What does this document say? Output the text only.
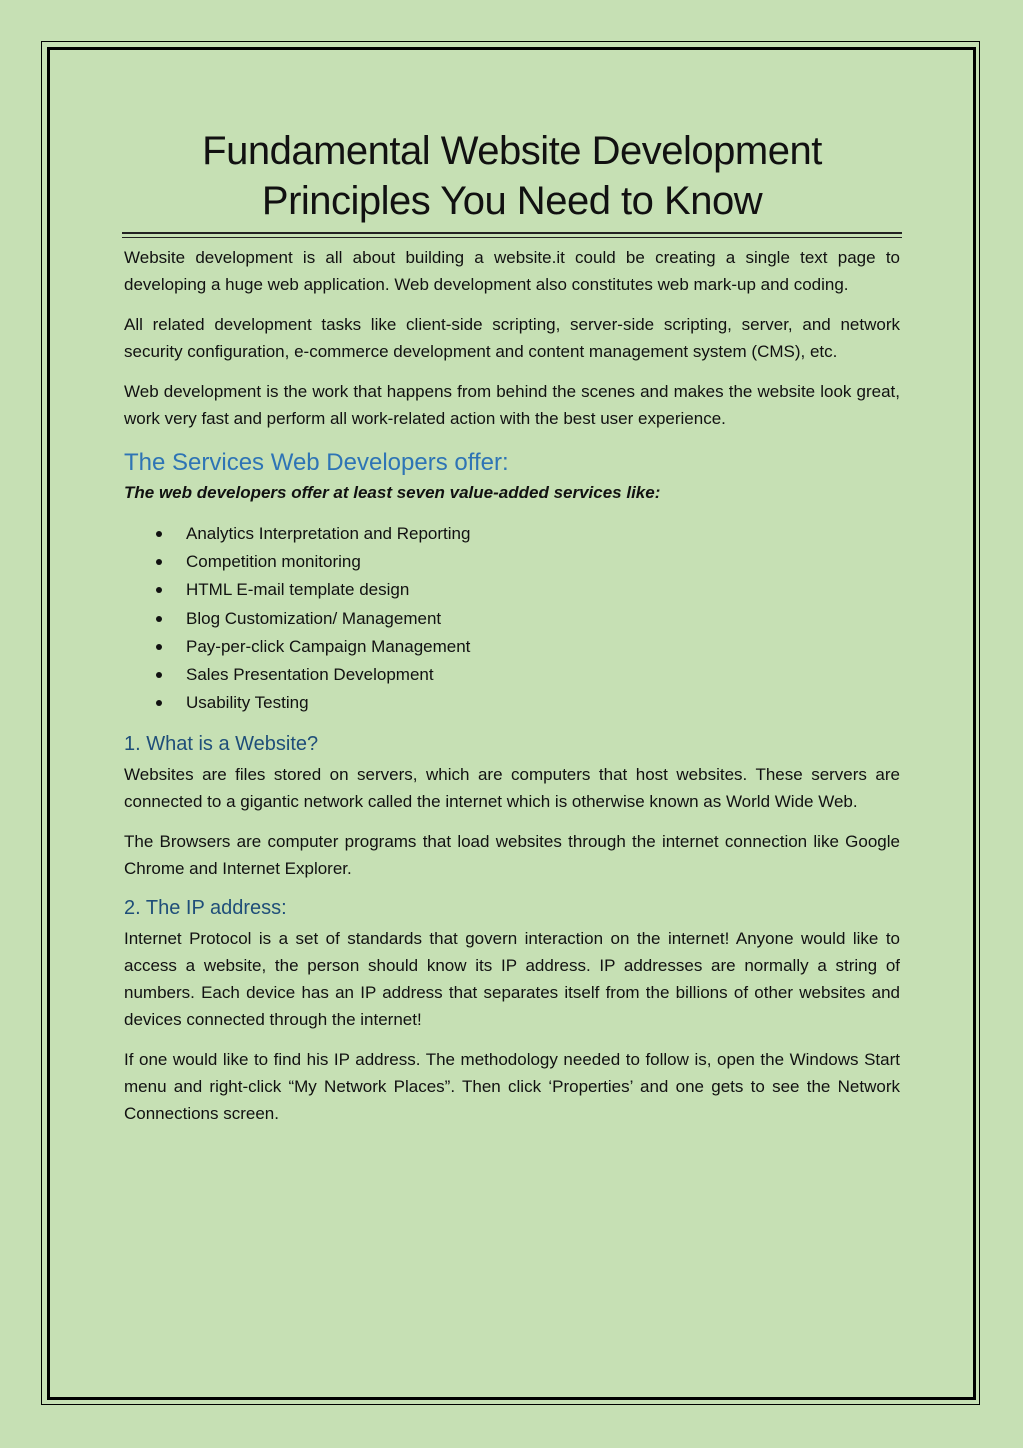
Fundamental Website Development
Principles You Need to Know

Website development is all about building a website.it could be creating a single text page to developing a huge web application. Web development also constitutes web mark-up and coding.

All related development tasks like client-side scripting, server-side scripting, server, and network security configuration, e-commerce development and content management system (CMS), etc.

Web development is the work that happens from behind the scenes and makes the website look great, work very fast and perform all work-related action with the best user experience.

The Services Web Developers offer:

The web developers offer at least seven value-added services like:

Analytics Interpretation and Reporting
Competition monitoring
HTML E-mail template design
Blog Customization/ Management
Pay-per-click Campaign Management
Sales Presentation Development
Usability Testing
1. What is a Website?

Websites are files stored on servers, which are computers that host websites. These servers are connected to a gigantic network called the internet which is otherwise known as World Wide Web.

The Browsers are computer programs that load websites through the internet connection like Google Chrome and Internet Explorer.

2. The IP address:

Internet Protocol is a set of standards that govern interaction on the internet! Anyone would like to access a website, the person should know its IP address. IP addresses are normally a string of numbers. Each device has an IP address that separates itself from the billions of other websites and devices connected through the internet!

If one would like to find his IP address. The methodology needed to follow is, open the Windows Start menu and right-click “My Network Places”. Then click ‘Properties’ and one gets to see the Network Connections screen.
